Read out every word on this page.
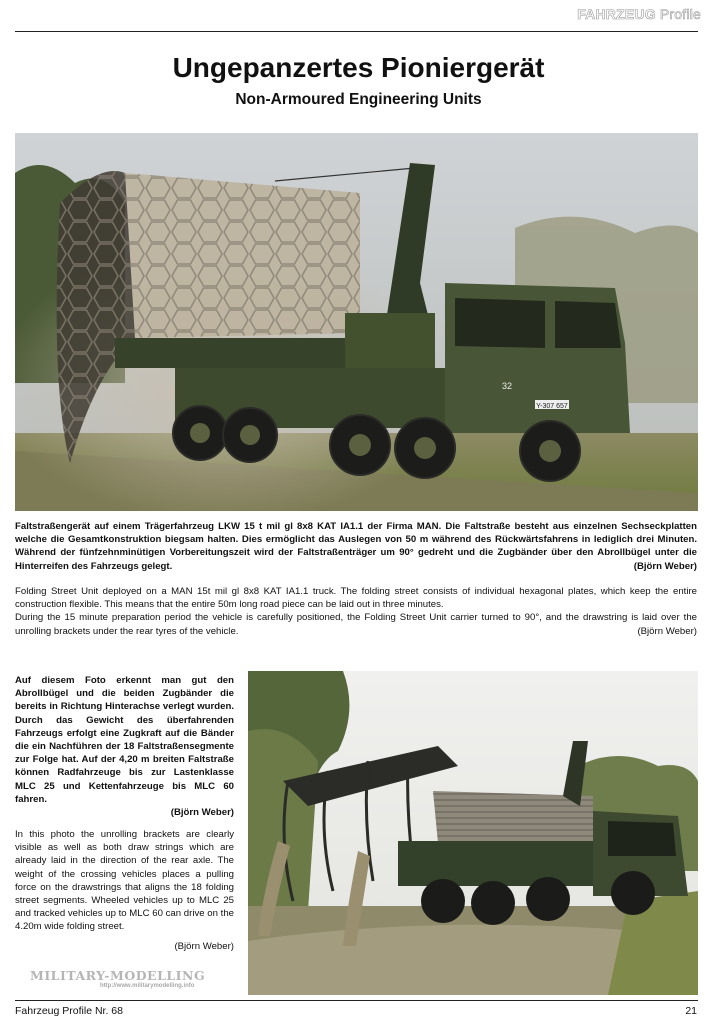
FAHRZEUG Profile
Ungepanzertes Pioniergerät
Non-Armoured Engineering Units
Y-307 657
32
Faltstraßengerät auf einem Trägerfahrzeug LKW 15 t mil gl 8x8 KAT IA1.1 der Firma MAN. Die Faltstraße besteht aus einzelnen Sechseckplatten welche die Gesamtkonstruktion biegsam halten. Dies ermöglicht das Auslegen von 50 m während des Rückwärtsfahrens in lediglich drei Minuten. Während der fünfzehnminütigen Vorbereitungszeit wird der Faltstraßenträger um 90° gedreht und die Zugbänder über den Abrollbügel unter die Hinterreifen des Fahrzeugs gelegt.	(Björn Weber)
Folding Street Unit deployed on a MAN 15t mil gl 8x8 KAT IA1.1 truck. The folding street consists of individual hexagonal plates, which keep the entire construction flexible. This means that the entire 50m long road piece can be laid out in three minutes.
During the 15 minute preparation period the vehicle is carefully positioned, the Folding Street Unit carrier turned to 90°, and the drawstring is laid over the unrolling brackets under the rear tyres of the vehicle.	(Björn Weber)

Auf diesem Foto erkennt man gut den Abrollbügel und die beiden Zugbänder die bereits in Richtung Hinterachse verlegt wurden. Durch das Gewicht des überfahrenden Fahrzeugs erfolgt eine Zugkraft auf die Bänder die ein Nachführen der 18 Faltstraßensegmente zur Folge hat. Auf der 4,20 m breiten Faltstraße können Radfahrzeuge bis zur Lastenklasse MLC 25 und Kettenfahrzeuge bis MLC 60 fahren.
(Björn Weber)

In this photo the unrolling brackets are clearly visible as well as both draw strings which are already laid in the direction of the rear axle. The weight of the crossing vehicles places a pulling force on the drawstrings that aligns the 18 folding street segments. Wheeled vehicles up to MLC 25 and tracked vehicles up to MLC 60 can drive on the 4.20m wide folding street.
(Björn Weber)

MILITARY-MODELLING
http://www.militarymodelling.info
Fahrzeug Profile Nr. 68	21
